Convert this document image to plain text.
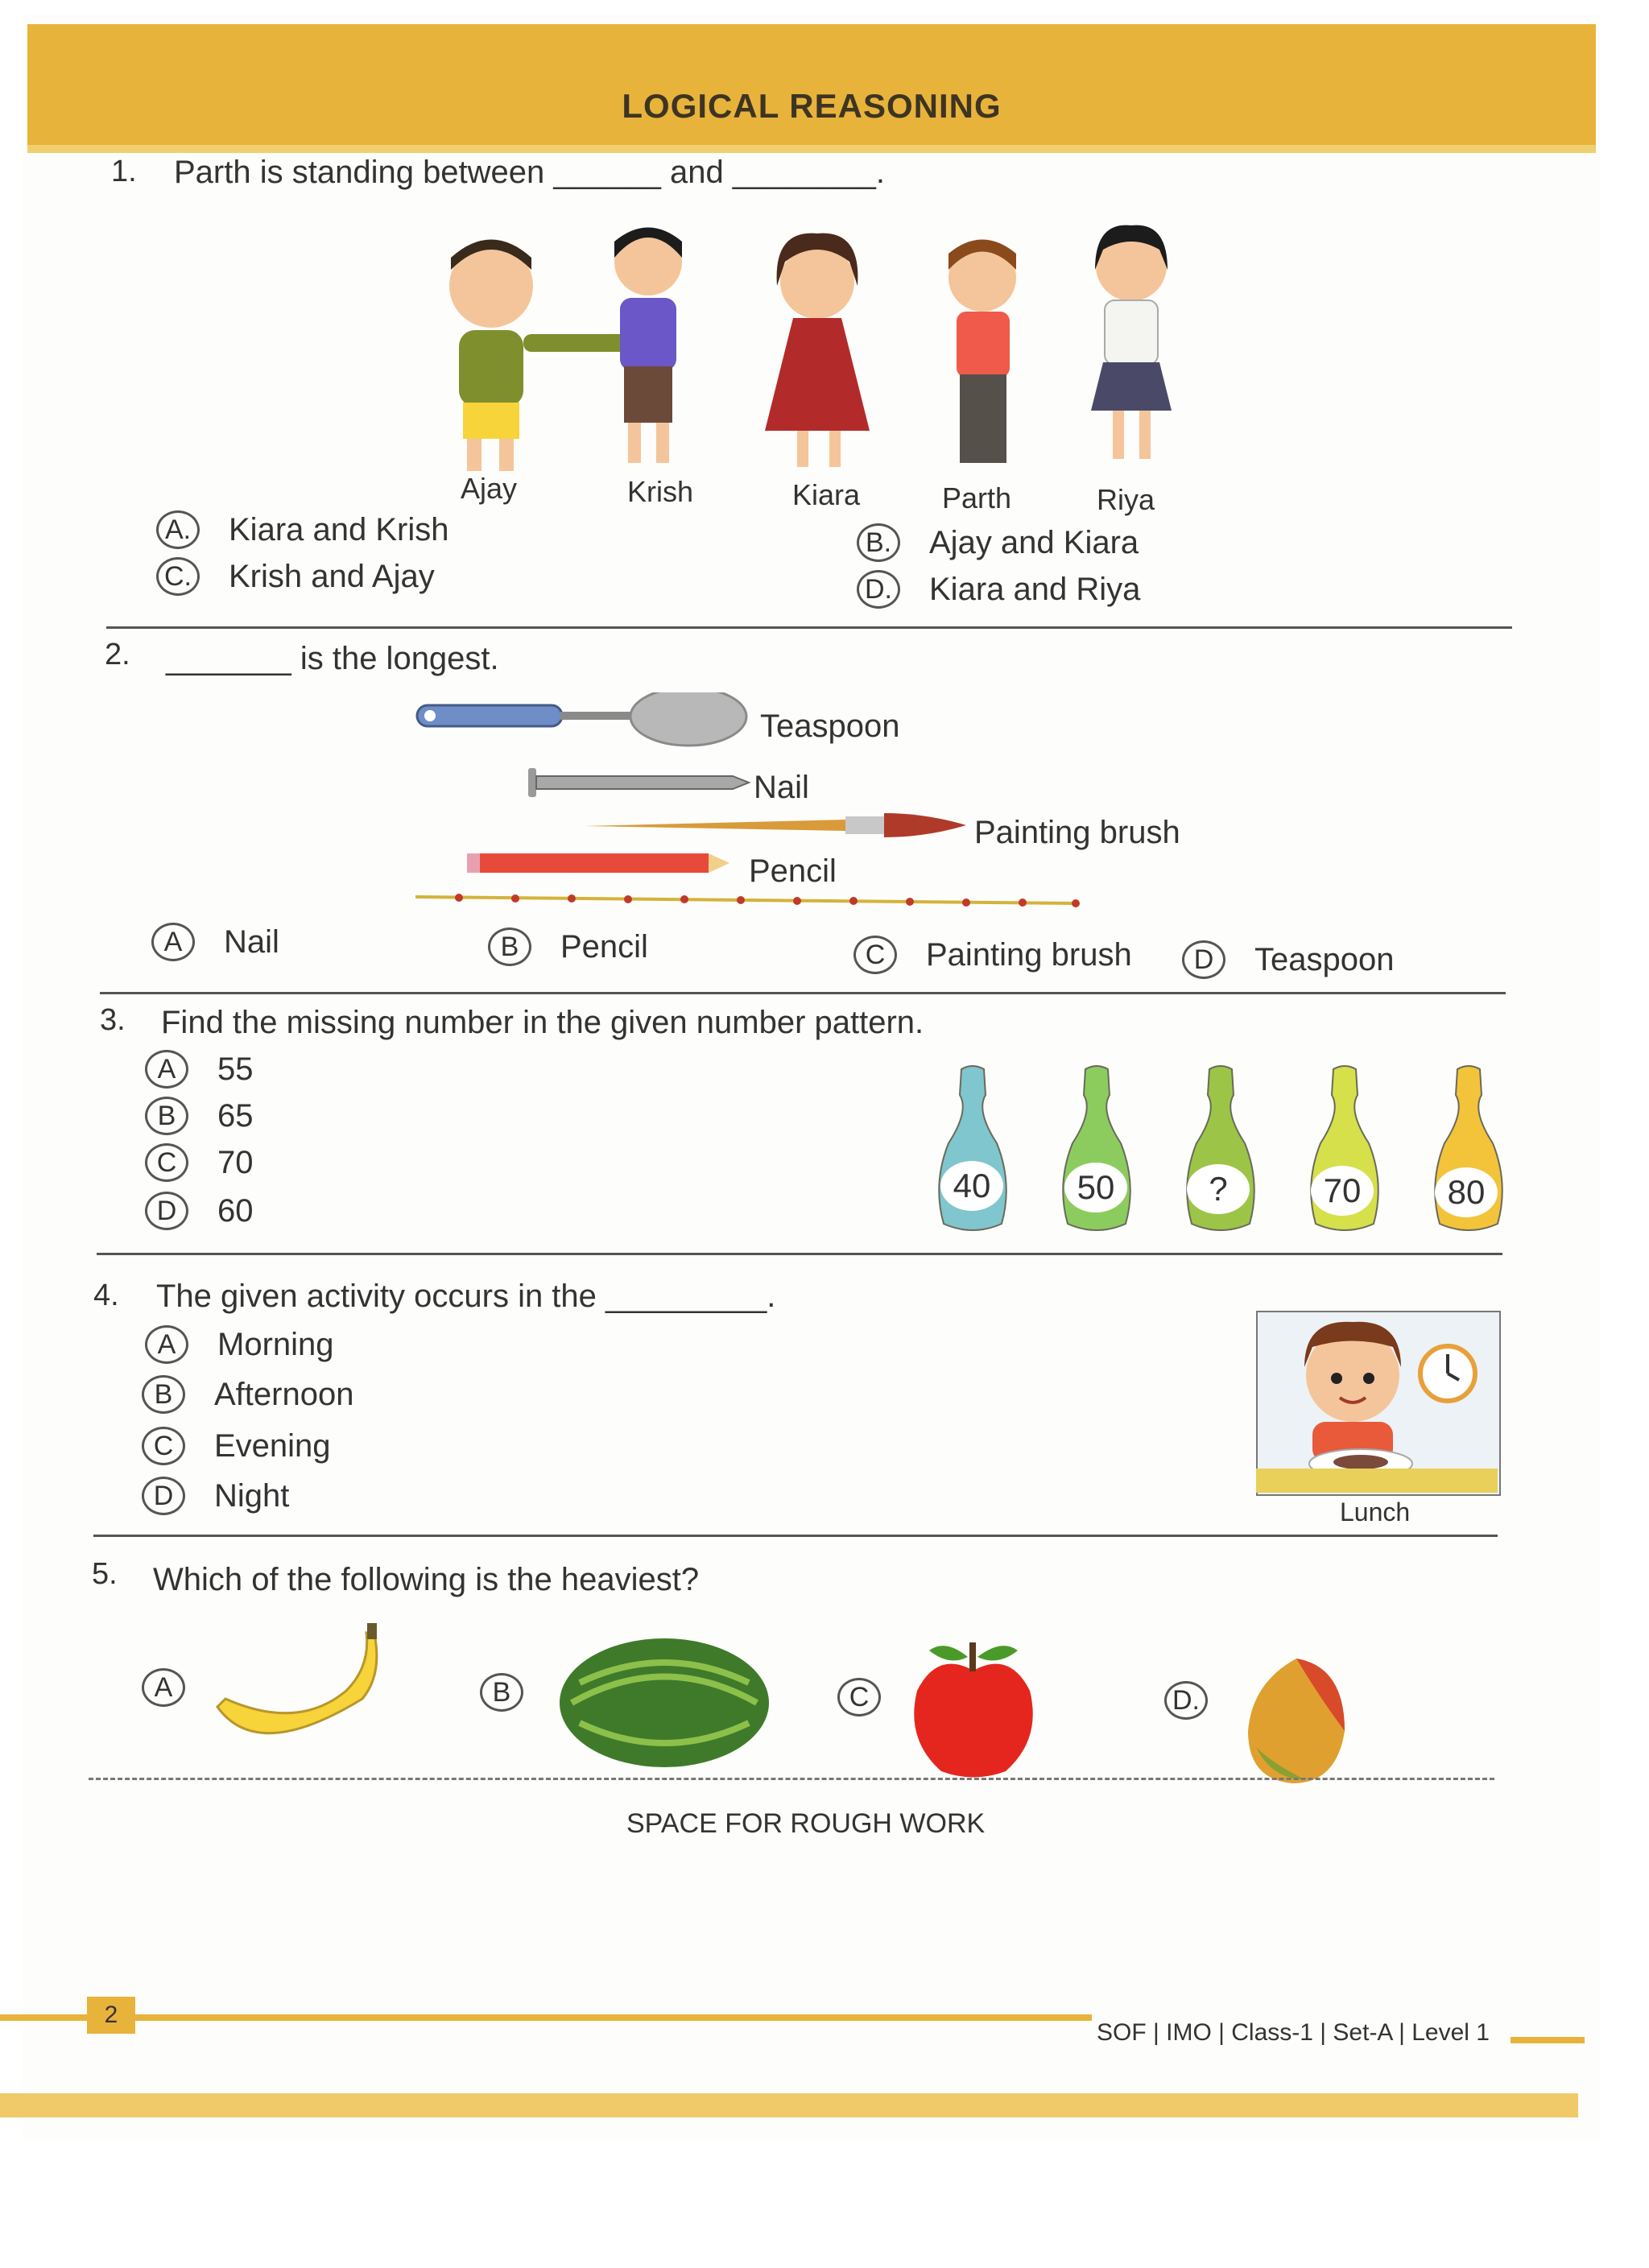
LOGICAL REASONING
1. Parth is standing between ______ and ________.
Ajay	Krish	Kiara	Parth	Riya
A. Kiara and Krish
C. Krish and Ajay
B. Ajay and Kiara
D. Kiara and Riya
2. _______ is the longest.
Teaspoon
Nail
Painting brush
Pencil
A	Nail	B	Pencil	C	Painting brush	D	Teaspoon
3. Find the missing number in the given number pattern.
A	55
B	65
C	70
D	60
40	50	?	70	80
4. The given activity occurs in the _________.
A	Morning
B	Afternoon
C	Evening
D	Night	Lunch
5. Which of the following is the heaviest?
A	B	C	D.
SPACE FOR ROUGH WORK
2
SOF | IMO | Class-1 | Set-A | Level 1
